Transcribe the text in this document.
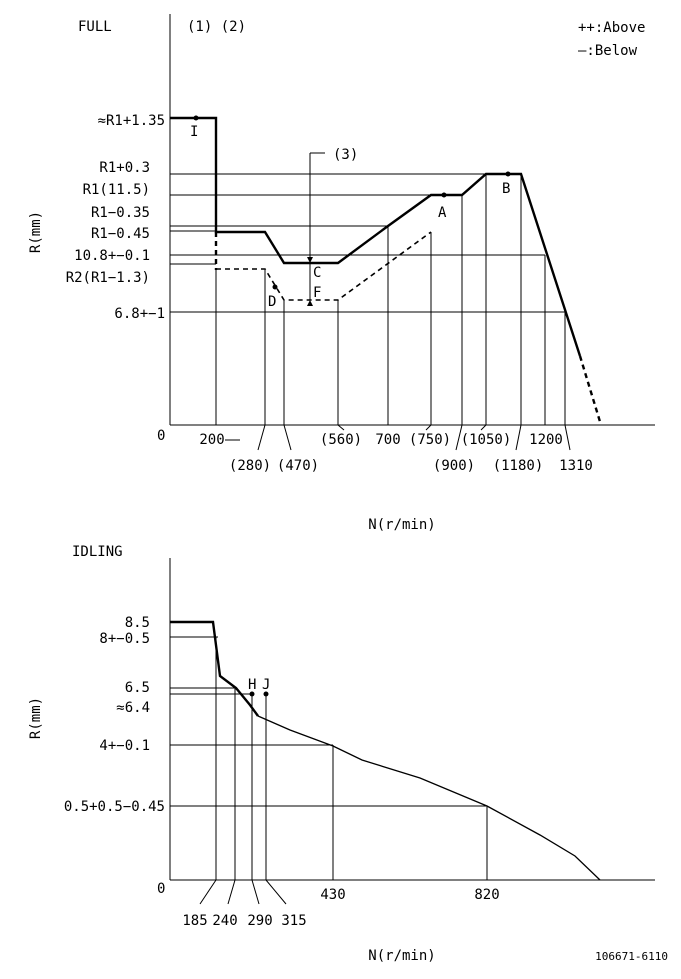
FULL	(1) (2)	++:Above
—:Below
(3)
≈R1+1.35
R1+0.3
R1(11.5)
R1−0.35
R1−0.45
10.8+−0.1
R2(R1−1.3)
6.8+−1
0
R(mm)
200
(280) (470)
(560) 700 (750)
(900)
(1050)
(1180)
1200
1310
N(r/min)
I
A
B
C
D
F
IDLING
8.5
8+−0.5
6.5
≈6.4
4+−0.1
0.5+0.5−0.45
0
R(mm)
185 240 290 315
430	820
H J
N(r/min)	106671-6110
